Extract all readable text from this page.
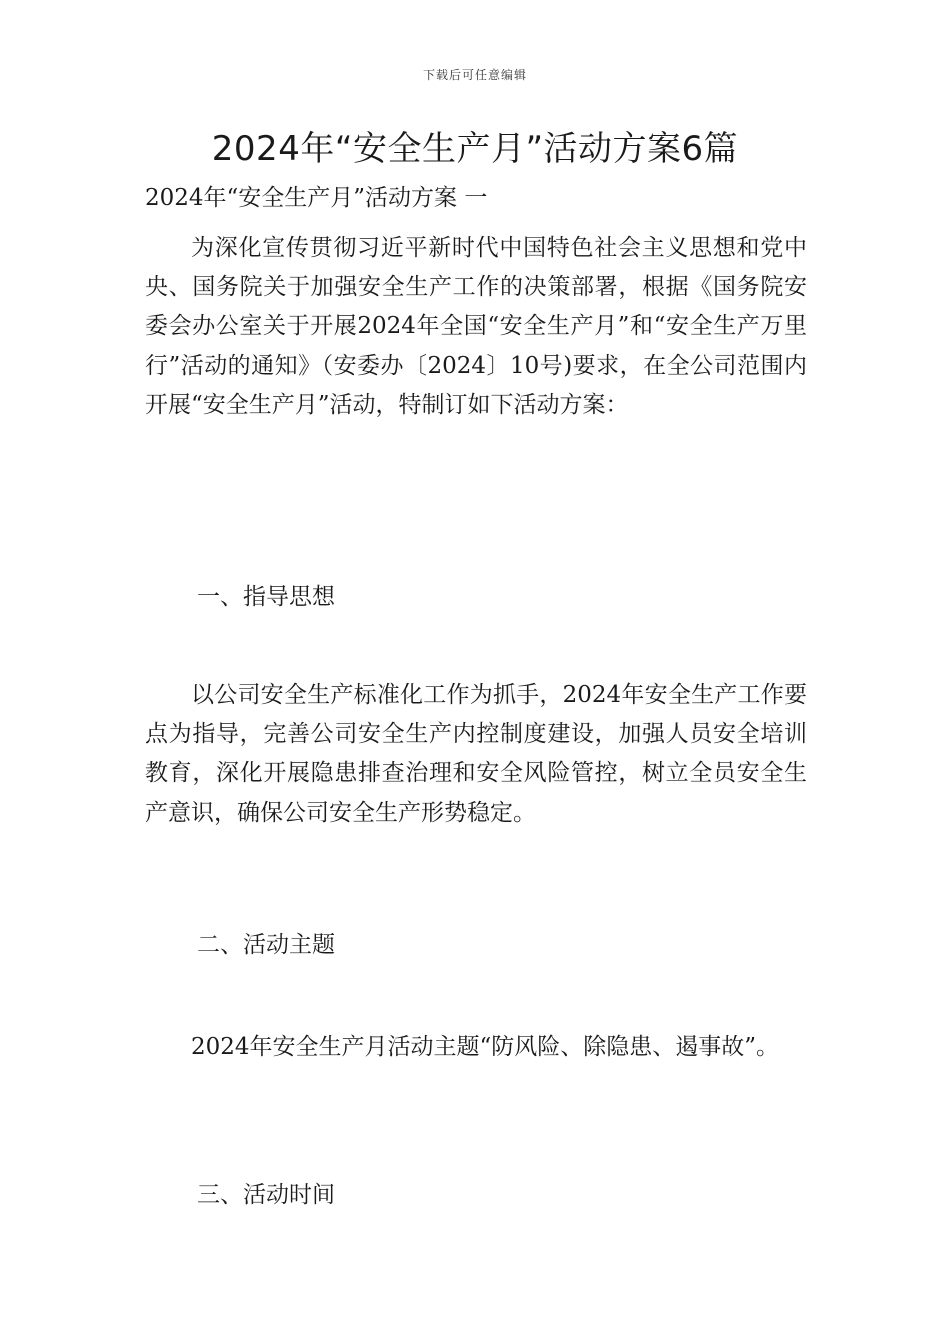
下载后可任意编辑
2024年“安全生产月”活动方案6篇
2024年“安全生产月”活动方案 一

为深化宣传贯彻习近平新时代中国特色社会主义思想和党中央、国务院关于加强安全生产工作的决策部署，根据《国务院安委会办公室关于开展2024年全国“安全生产月”和“安全生产万里行”活动的通知》（安委办〔2024〕10号)要求，在全公司范围内开展“安全生产月”活动，特制订如下活动方案：

一、指导思想

以公司安全生产标准化工作为抓手，2024年安全生产工作要点为指导，完善公司安全生产内控制度建设，加强人员安全培训教育，深化开展隐患排查治理和安全风险管控，树立全员安全生产意识，确保公司安全生产形势稳定。

二、活动主题

2024年安全生产月活动主题“防风险、除隐患、遏事故”。

三、活动时间
